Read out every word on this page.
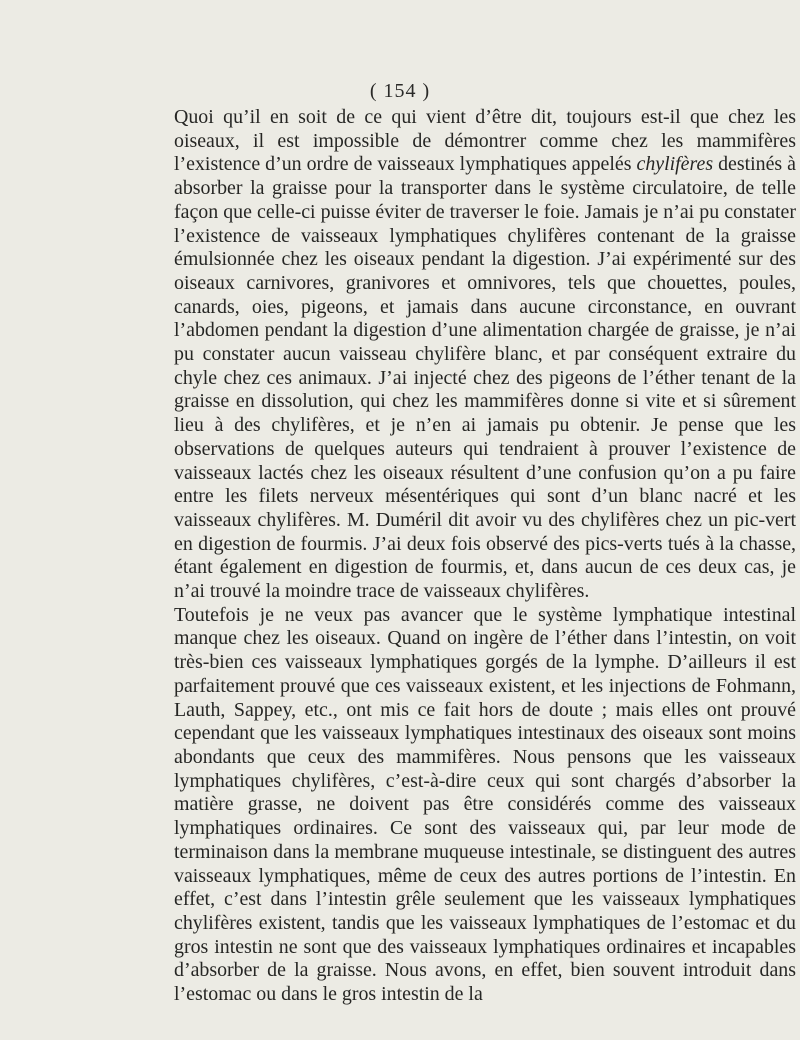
( 154 )

Quoi qu’il en soit de ce qui vient d’être dit, toujours est-il que chez les oiseaux, il est impossible de démontrer comme chez les mammifères l’existence d’un ordre de vaisseaux lymphatiques appelés chylifères destinés à absorber la graisse pour la transporter dans le système circulatoire, de telle façon que celle-ci puisse éviter de traverser le foie. Jamais je n’ai pu constater l’existence de vaisseaux lymphatiques chylifères contenant de la graisse émulsionnée chez les oiseaux pendant la digestion. J’ai expérimenté sur des oiseaux carnivores, granivores et omnivores, tels que chouettes, poules, canards, oies, pigeons, et jamais dans aucune circonstance, en ouvrant l’abdomen pendant la digestion d’une alimentation chargée de graisse, je n’ai pu constater aucun vaisseau chylifère blanc, et par conséquent extraire du chyle chez ces animaux. J’ai injecté chez des pigeons de l’éther tenant de la graisse en dissolution, qui chez les mammifères donne si vite et si sûrement lieu à des chylifères, et je n’en ai jamais pu obtenir. Je pense que les observations de quelques auteurs qui tendraient à prouver l’existence de vaisseaux lactés chez les oiseaux résultent d’une confusion qu’on a pu faire entre les filets nerveux mésentériques qui sont d’un blanc nacré et les vaisseaux chylifères. M. Duméril dit avoir vu des chylifères chez un pic-vert en digestion de fourmis. J’ai deux fois observé des pics-verts tués à la chasse, étant également en digestion de fourmis, et, dans aucun de ces deux cas, je n’ai trouvé la moindre trace de vaisseaux chylifères.

Toutefois je ne veux pas avancer que le système lymphatique intestinal manque chez les oiseaux. Quand on ingère de l’éther dans l’intestin, on voit très-bien ces vaisseaux lymphatiques gorgés de la lymphe. D’ailleurs il est parfaitement prouvé que ces vaisseaux existent, et les injections de Fohmann, Lauth, Sappey, etc., ont mis ce fait hors de doute ; mais elles ont prouvé cependant que les vaisseaux lymphatiques intestinaux des oiseaux sont moins abondants que ceux des mammifères. Nous pensons que les vaisseaux lymphatiques chylifères, c’est-à-dire ceux qui sont chargés d’absorber la matière grasse, ne doivent pas être considérés comme des vaisseaux lymphatiques ordinaires. Ce sont des vaisseaux qui, par leur mode de terminaison dans la membrane muqueuse intestinale, se distinguent des autres vaisseaux lymphatiques, même de ceux des autres portions de l’intestin. En effet, c’est dans l’intestin grêle seulement que les vaisseaux lymphatiques chylifères existent, tandis que les vaisseaux lymphatiques de l’estomac et du gros intestin ne sont que des vaisseaux lymphatiques ordinaires et incapables d’absorber de la graisse. Nous avons, en effet, bien souvent introduit dans l’estomac ou dans le gros intestin de la
